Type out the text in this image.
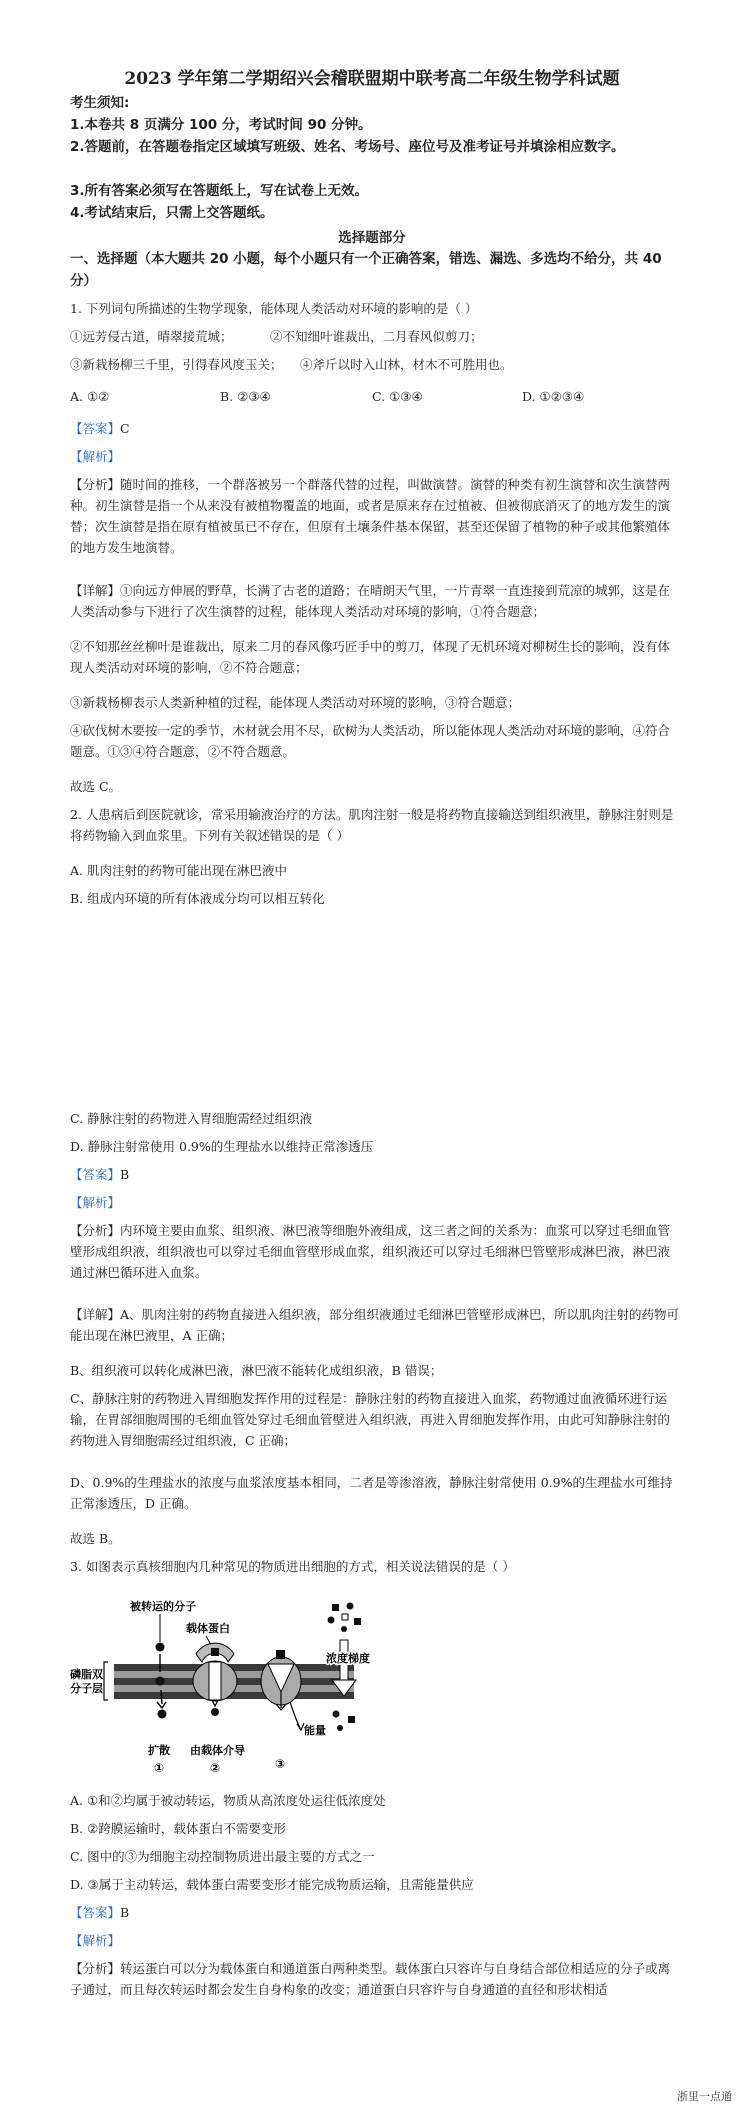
2023 学年第二学期绍兴会稽联盟期中联考高二年级生物学科试题
考生须知:
1.本卷共 8 页满分 100 分，考试时间 90 分钟。
2.答题前，在答题卷指定区域填写班级、姓名、考场号、座位号及准考证号并填涂相应数字。
3.所有答案必须写在答题纸上，写在试卷上无效。
4.考试结束后，只需上交答题纸。
选择题部分
一、选择题（本大题共 20 小题，每个小题只有一个正确答案，错选、漏选、多选均不给分，共 40 分）

1. 下列词句所描述的生物学现象，能体现人类活动对环境的影响的是（ ）

①远芳侵古道，晴翠接荒城；	②不知细叶谁裁出，二月春风似剪刀；
③新栽杨柳三千里，引得春风度玉关； ④斧斤以时入山林，材木不可胜用也。
A. ①②	B. ②③④	C. ①③④	D. ①②③④

【答案】C

【解析】

【分析】随时间的推移，一个群落被另一个群落代替的过程，叫做演替。演替的种类有初生演替和次生演替两种。初生演替是指一个从来没有被植物覆盖的地面，或者是原来存在过植被、但被彻底消灭了的地方发生的演替；次生演替是指在原有植被虽已不存在，但原有土壤条件基本保留，甚至还保留了植物的种子或其他繁殖体的地方发生地演替。

【详解】①向远方伸展的野草，长满了古老的道路；在晴朗天气里，一片青翠一直连接到荒凉的城郭，这是在人类活动参与下进行了次生演替的过程，能体现人类活动对环境的影响，①符合题意；

②不知那丝丝柳叶是谁裁出，原来二月的春风像巧匠手中的剪刀，体现了无机环境对柳树生长的影响，没有体现人类活动对环境的影响，②不符合题意；

③新栽杨柳表示人类新种植的过程，能体现人类活动对环境的影响，③符合题意；

④砍伐树木要按一定的季节，木材就会用不尽，砍树为人类活动，所以能体现人类活动对环境的影响，④符合题意。①③④符合题意，②不符合题意。

故选 C。

2. 人患病后到医院就诊，常采用输液治疗的方法。肌肉注射一般是将药物直接输送到组织液里，静脉注射则是将药物输入到血浆里。下列有关叙述错误的是（ ）

A. 肌肉注射的药物可能出现在淋巴液中

B. 组成内环境的所有体液成分均可以相互转化

C. 静脉注射的药物进入胃细胞需经过组织液

D. 静脉注射常使用 0.9%的生理盐水以维持正常渗透压

【答案】B

【解析】

【分析】内环境主要由血浆、组织液、淋巴液等细胞外液组成，这三者之间的关系为：血浆可以穿过毛细血管壁形成组织液，组织液也可以穿过毛细血管壁形成血浆，组织液还可以穿过毛细淋巴管壁形成淋巴液，淋巴液通过淋巴循环进入血浆。

【详解】A、肌肉注射的药物直接进入组织液，部分组织液通过毛细淋巴管壁形成淋巴，所以肌肉注射的药物可能出现在淋巴液里，A 正确；

B、组织液可以转化成淋巴液，淋巴液不能转化成组织液，B 错误；

C、静脉注射的药物进入胃细胞发挥作用的过程是：静脉注射的药物直接进入血浆，药物通过血液循环进行运输，在胃部细胞周围的毛细血管处穿过毛细血管壁进入组织液，再进入胃细胞发挥作用，由此可知静脉注射的药物进入胃细胞需经过组织液，C 正确；

D、0.9%的生理盐水的浓度与血浆浓度基本相同，二者是等渗溶液，静脉注射常使用 0.9%的生理盐水可维持正常渗透压，D 正确。

故选 B。

3. 如图表示真核细胞内几种常见的物质进出细胞的方式，相关说法错误的是（ ）

磷脂双
分子层
被转运的分子
载体蛋白
能量
浓度梯度
扩散 由载体介导
①	②	③

A. ①和②均属于被动转运，物质从高浓度处运往低浓度处

B. ②跨膜运输时，载体蛋白不需要变形

C. 图中的③为细胞主动控制物质进出最主要的方式之一

D. ③属于主动转运，载体蛋白需要变形才能完成物质运输，且需能量供应

【答案】B

【解析】

【分析】转运蛋白可以分为载体蛋白和通道蛋白两种类型。载体蛋白只容许与自身结合部位相适应的分子或离子通过，而且每次转运时都会发生自身构象的改变；通道蛋白只容许与自身通道的直径和形状相适

浙里一点通
